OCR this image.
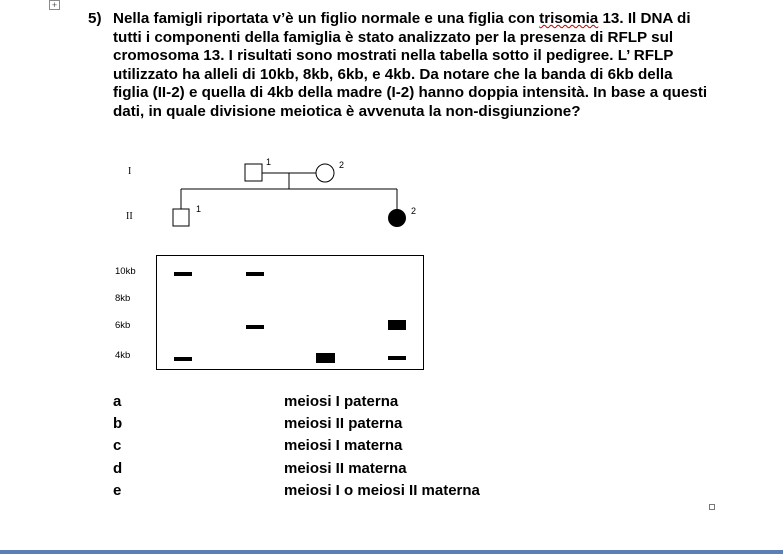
+
5) Nella famigli riportata v’è un figlio normale e una figlia con trisomia 13. Il DNA di tutti i componenti della famiglia è stato analizzato per la presenza di RFLP sul cromosoma 13. I risultati sono mostrati nella tabella sotto il pedigree. L’ RFLP utilizzato ha alleli di 10kb, 8kb, 6kb, e 4kb. Da notare che la banda di 6kb della figlia (II-2) e quella di 4kb della madre (I-2) hanno doppia intensità. In base a questi dati, in quale divisione meiotica è avvenuta la non-disgiunzione?
I
II
1	2
1	2
10kb
8kb
6kb
4kb
a	meiosi I paterna
b	meiosi II paterna
c	meiosi I materna
d	meiosi II materna
e	meiosi I o meiosi II materna
